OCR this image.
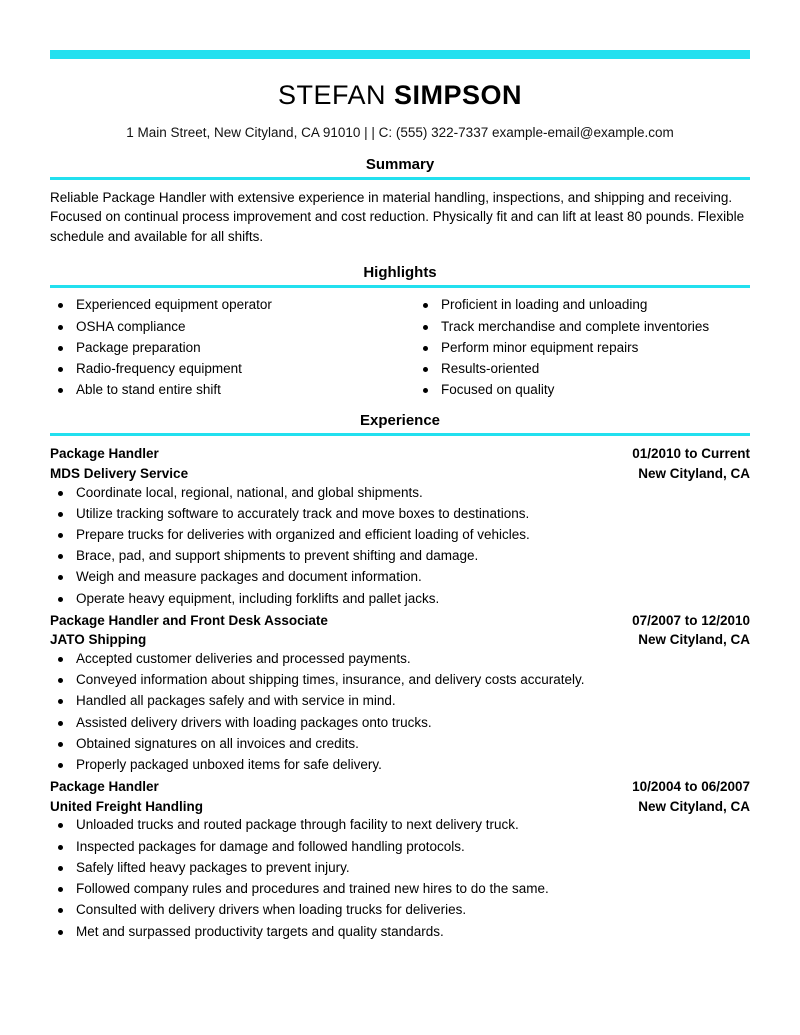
STEFAN SIMPSON
1 Main Street, New Cityland, CA 91010 | | C: (555) 322-7337 example-email@example.com
Summary
Reliable Package Handler with extensive experience in material handling, inspections, and shipping and receiving. Focused on continual process improvement and cost reduction. Physically fit and can lift at least 80 pounds. Flexible schedule and available for all shifts.
Highlights
Experienced equipment operator
OSHA compliance
Package preparation
Radio-frequency equipment
Able to stand entire shift
Proficient in loading and unloading
Track merchandise and complete inventories
Perform minor equipment repairs
Results-oriented
Focused on quality
Experience
Package Handler	01/2010 to Current
MDS Delivery Service	New Cityland, CA
Coordinate local, regional, national, and global shipments.
Utilize tracking software to accurately track and move boxes to destinations.
Prepare trucks for deliveries with organized and efficient loading of vehicles.
Brace, pad, and support shipments to prevent shifting and damage.
Weigh and measure packages and document information.
Operate heavy equipment, including forklifts and pallet jacks.
Package Handler and Front Desk Associate	07/2007 to 12/2010
JATO Shipping	New Cityland, CA
Accepted customer deliveries and processed payments.
Conveyed information about shipping times, insurance, and delivery costs accurately.
Handled all packages safely and with service in mind.
Assisted delivery drivers with loading packages onto trucks.
Obtained signatures on all invoices and credits.
Properly packaged unboxed items for safe delivery.
Package Handler	10/2004 to 06/2007
United Freight Handling	New Cityland, CA
Unloaded trucks and routed package through facility to next delivery truck.
Inspected packages for damage and followed handling protocols.
Safely lifted heavy packages to prevent injury.
Followed company rules and procedures and trained new hires to do the same.
Consulted with delivery drivers when loading trucks for deliveries.
Met and surpassed productivity targets and quality standards.
